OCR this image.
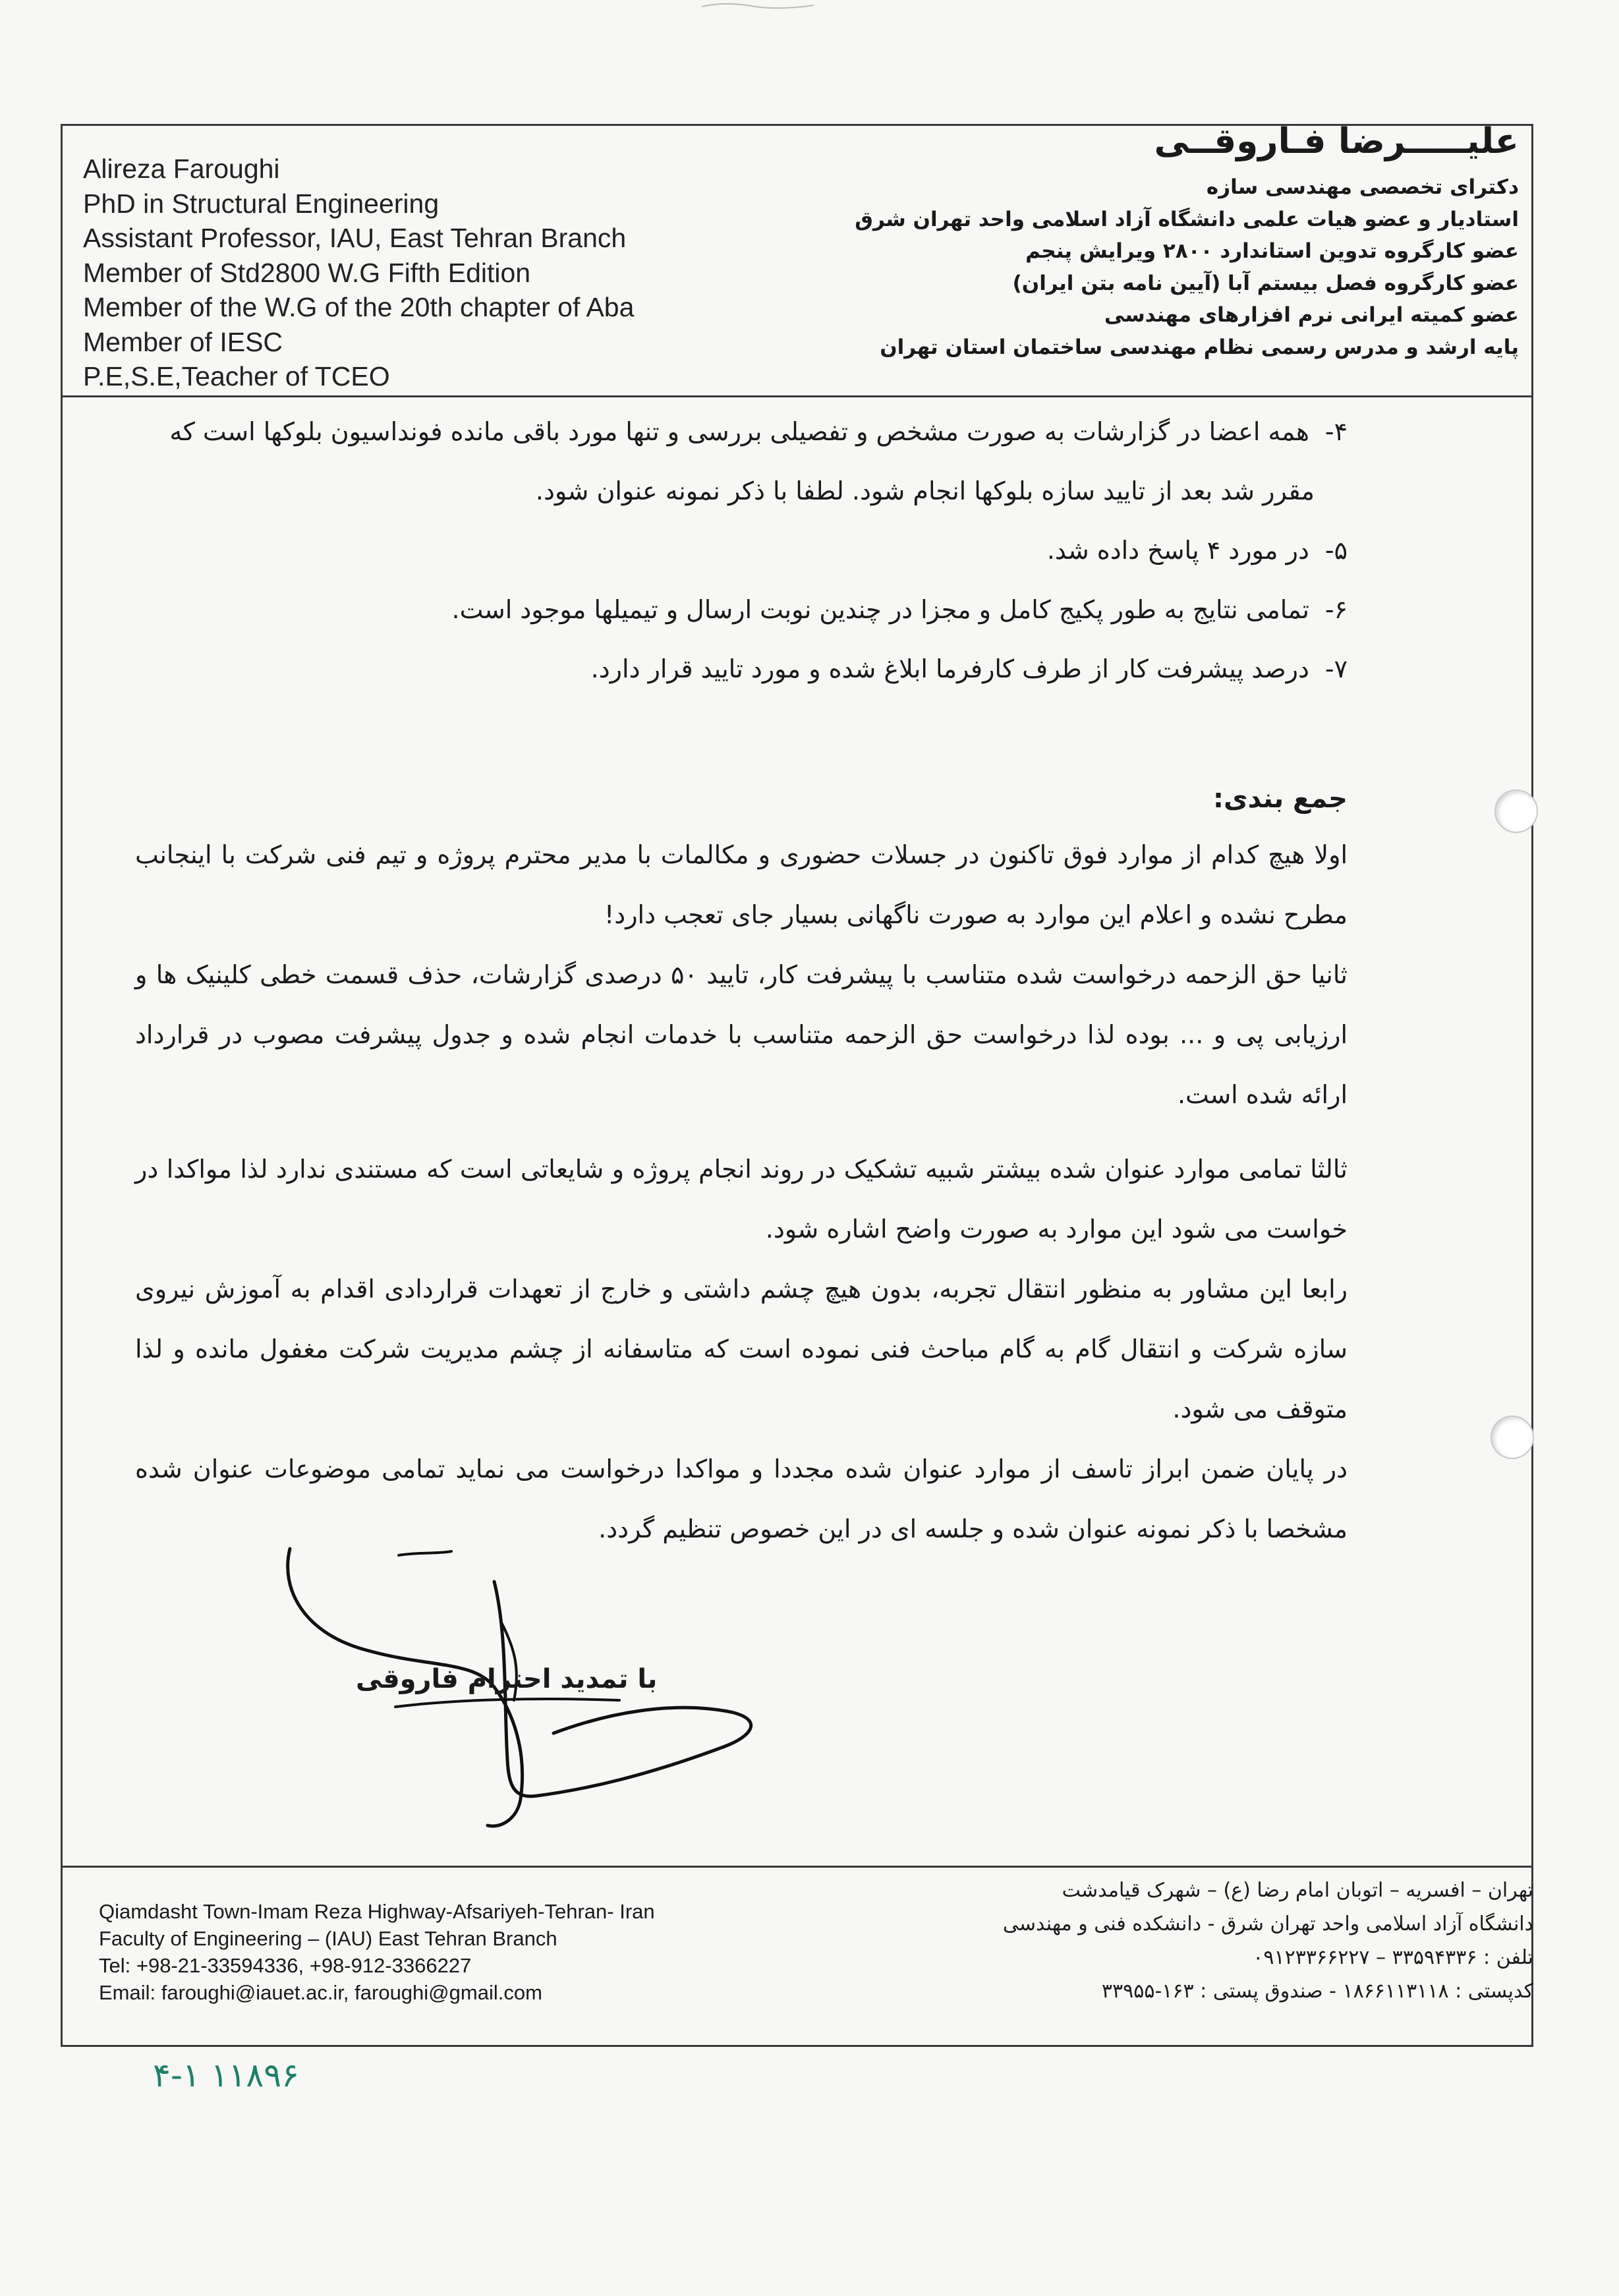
Alireza Faroughi
PhD in Structural Engineering
Assistant Professor, IAU, East Tehran Branch
Member of Std2800 W.G Fifth Edition
Member of the W.G of the 20th chapter of Aba
Member of IESC
P.E,S.E,Teacher of TCEO
علیـــــرضا فـاروقــی
دکترای تخصصی مهندسی سازه
استادیار و عضو هیات علمی دانشگاه آزاد اسلامی واحد تهران شرق
عضو کارگروه تدوین استاندارد ۲۸۰۰ ویرایش پنجم
عضو کارگروه فصل بیستم آبا (آیین نامه بتن ایران)
عضو کمیته ایرانی نرم افزارهای مهندسی
پایه ارشد و مدرس رسمی نظام مهندسی ساختمان استان تهران
۴- همه اعضا در گزارشات به صورت مشخص و تفصیلی بررسی و تنها مورد باقی مانده فونداسیون بلوکها است که
مقرر شد بعد از تایید سازه بلوکها انجام شود. لطفا با ذکر نمونه عنوان شود.
۵- در مورد ۴ پاسخ داده شد.
۶- تمامی نتایج به طور پکیج کامل و مجزا در چندین نوبت ارسال و تیمیلها موجود است.
۷- درصد پیشرفت کار از طرف کارفرما ابلاغ شده و مورد تایید قرار دارد.
جمع بندی:
اولا هیچ کدام از موارد فوق تاکنون در جسلات حضوری و مکالمات با مدیر محترم پروژه و تیم فنی شرکت با اینجانب مطرح نشده و اعلام این موارد به صورت ناگهانی بسیار جای تعجب دارد!
ثانیا حق الزحمه درخواست شده متناسب با پیشرفت کار، تایید ۵۰ درصدی گزارشات، حذف قسمت خطی کلینیک ها و ارزیابی پی و ... بوده لذا درخواست حق الزحمه متناسب با خدمات انجام شده و جدول پیشرفت مصوب در قرارداد ارائه شده است.
ثالثا تمامی موارد عنوان شده بیشتر شبیه تشکیک در روند انجام پروژه و شایعاتی است که مستندی ندارد لذا مواکدا در خواست می شود این موارد به صورت واضح اشاره شود.
رابعا این مشاور به منظور انتقال تجربه، بدون هیچ چشم داشتی و خارج از تعهدات قراردادی اقدام به آموزش نیروی سازه شرکت و انتقال گام به گام مباحث فنی نموده است که متاسفانه از چشم مدیریت شرکت مغفول مانده و لذا متوقف می شود.
در پایان ضمن ابراز تاسف از موارد عنوان شده مجددا و مواکدا درخواست می نماید تمامی موضوعات عنوان شده مشخصا با ذکر نمونه عنوان شده و جلسه ای در این خصوص تنظیم گردد.
با تمدید احترام فاروقی
Qiamdasht Town-Imam Reza Highway-Afsariyeh-Tehran- Iran
Faculty of Engineering – (IAU) East Tehran Branch
Tel: +98-21-33594336, +98-912-3366227
Email: faroughi@iauet.ac.ir, faroughi@gmail.com
تهران – افسریه – اتوبان امام رضا (ع) – شهرک قیامدشت
دانشگاه آزاد اسلامی واحد تهران شرق - دانشکده فنی و مهندسی
تلفن : ۳۳۵۹۴۳۳۶ – ۰۹۱۲۳۳۶۶۲۲۷
کدپستی : ۱۸۶۶۱۱۳۱۱۸ - صندوق پستی : ۱۶۳-۳۳۹۵۵
۱۱۸۹۶ ۴-۱
